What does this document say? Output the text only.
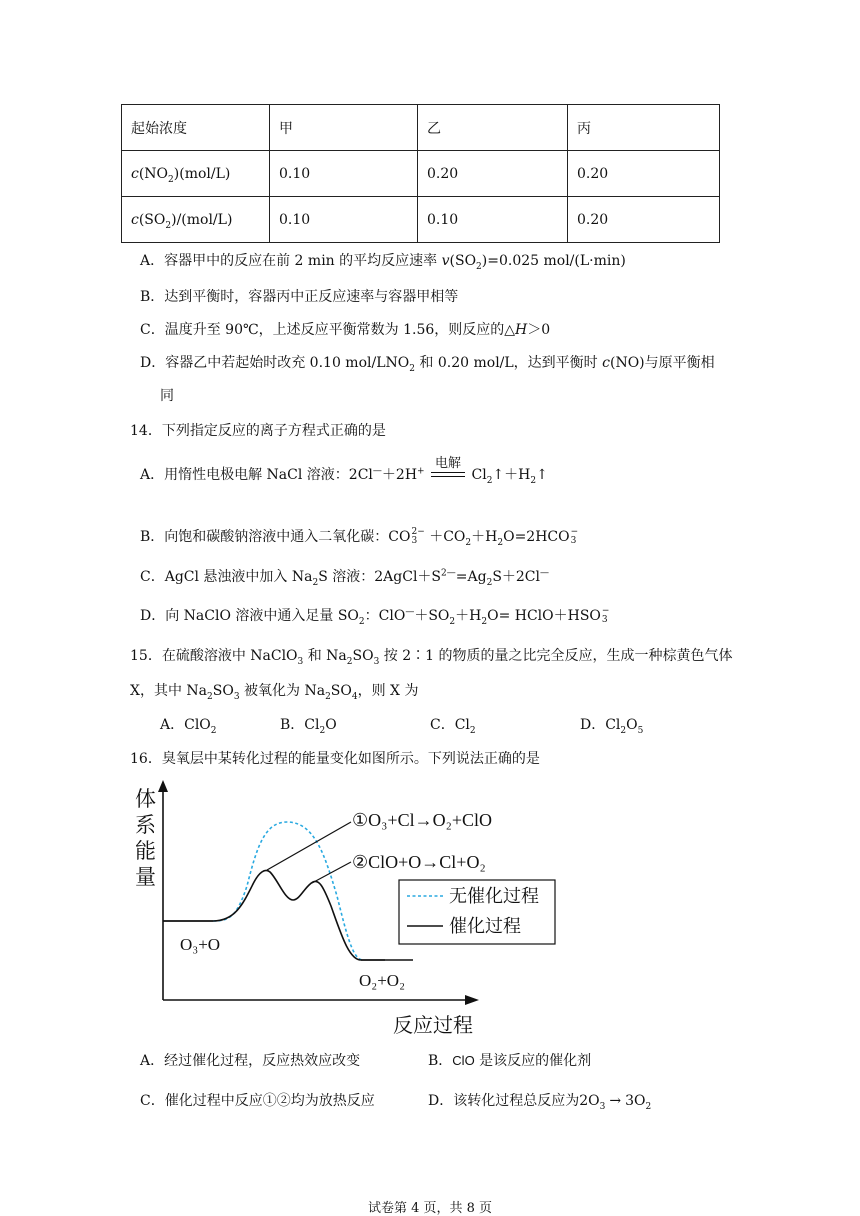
起始浓度	甲	乙	丙
$c(NO_2)(mol/L)$	0.10	0.20	0.20
$c(SO_2)/(mol/L)$	0.10	0.10	0.20
A．容器甲中的反应在前 2 min 的平均反应速率 $v(SO_2)=0.025$ mol/(L·min)
B．达到平衡时，容器丙中正反应速率与容器甲相等
C．温度升至 90℃，上述反应平衡常数为 1.56，则反应的△H＞0
D．容器乙中若起始时改充 0.10 mol/$LNO_2$ 和 0.20 mol/L，达到平衡时 c(NO)与原平衡相
同
14．下列指定反应的离子方程式正确的是
A．用惰性电极电解 NaCl 溶液：2Cl—＋2H+
电解
$Cl_2↑+H_2↑$
B．向饱和碳酸钠溶液中通入二氧化碳：CO 2−
$3 +CO_2+H_2O=2HCO$ −
3
C．AgCl 悬浊液中加入 $Na_2S$ 溶液：$2AgCl+S^{2—}=Ag_2S+2Cl^—$
D．向 NaClO 溶液中通入足量 $SO_2$：$ClO^—+SO_2+H_2O=$ HClO＋HSO −
3
15．在硫酸溶液中 NaClO$_3$ 和 $Na_2SO_3$ 按 2∶1 的物质的量之比完全反应，生成一种棕黄色气体
X，其中 $Na_2SO_3$ 被氧化为 $Na_2SO_4$，则 X 为
A．ClO$_2$	B．$Cl_2O$	C．$Cl_2$	D．$Cl_2O_5$
16．臭氧层中某转化过程的能量变化如图所示。下列说法正确的是
体
系
能
量
反应过程
①O₃+Cl→O₂+ClO
②ClO+O→Cl+O₂
O₃+O
O₂+O₂
无催化过程
催化过程
A．经过催化过程，反应热效应改变	B．ClO 是该反应的催化剂
C．催化过程中反应①②均为放热反应	D．该转化过程总反应为$2O_3 \to 3O_2$
试卷第 4 页，共 8 页
